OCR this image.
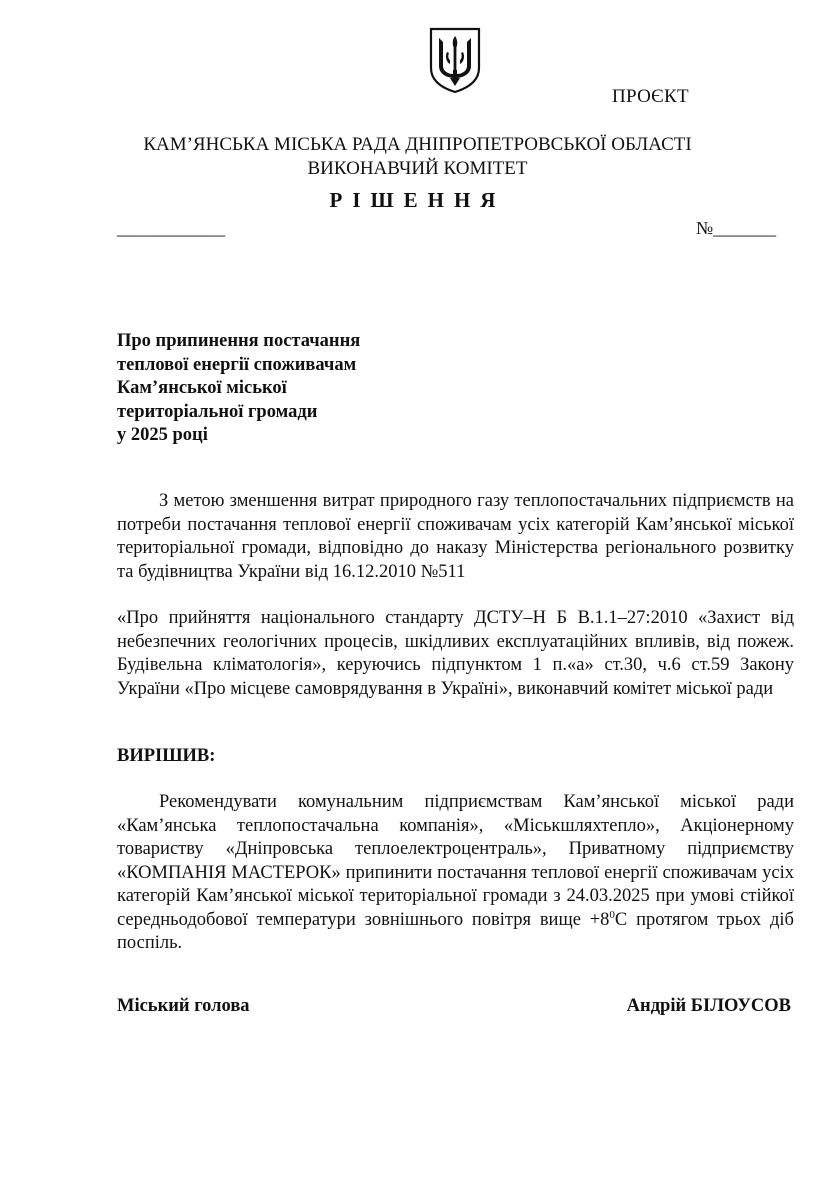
ПРОЄКТ
КАМ’ЯНСЬКА МІСЬКА РАДА ДНІПРОПЕТРОВСЬКОЇ ОБЛАСТІ
ВИКОНАВЧИЙ КОМІТЕТ
РІШЕННЯ
____________	№_______
Про припинення постачання
теплової енергії споживачам
Кам’янської міської
територіальної громади
у 2025 році
З метою зменшення витрат природного газу теплопостачальних підприємств на потреби постачання теплової енергії споживачам усіх категорій Кам’янської міської територіальної громади, відповідно до наказу Міністерства регіонального розвитку та будівництва України від 16.12.2010 №511
«Про прийняття національного стандарту ДСТУ–Н Б В.1.1–27:2010 «Захист від небезпечних геологічних процесів, шкідливих експлуатаційних впливів, від пожеж. Будівельна кліматологія», керуючись підпунктом 1 п.«а» ст.30, ч.6 ст.59 Закону України «Про місцеве самоврядування в Україні», виконавчий комітет міської ради
ВИРІШИВ:
Рекомендувати комунальним підприємствам Кам’янської міської ради «Кам’янська теплопостачальна компанія», «Міськшляхтепло», Акціонерному товариству «Дніпровська теплоелектроцентраль», Приватному підприємству «КОМПАНІЯ МАСТЕРОК» припинити постачання теплової енергії споживачам усіх категорій Кам’янської міської територіальної громади з 24.03.2025 при умові стійкої середньодобової температури зовнішнього повітря вище $+8^0С$ протягом трьох діб поспіль.
Міський голова	Андрій БІЛОУСОВ
